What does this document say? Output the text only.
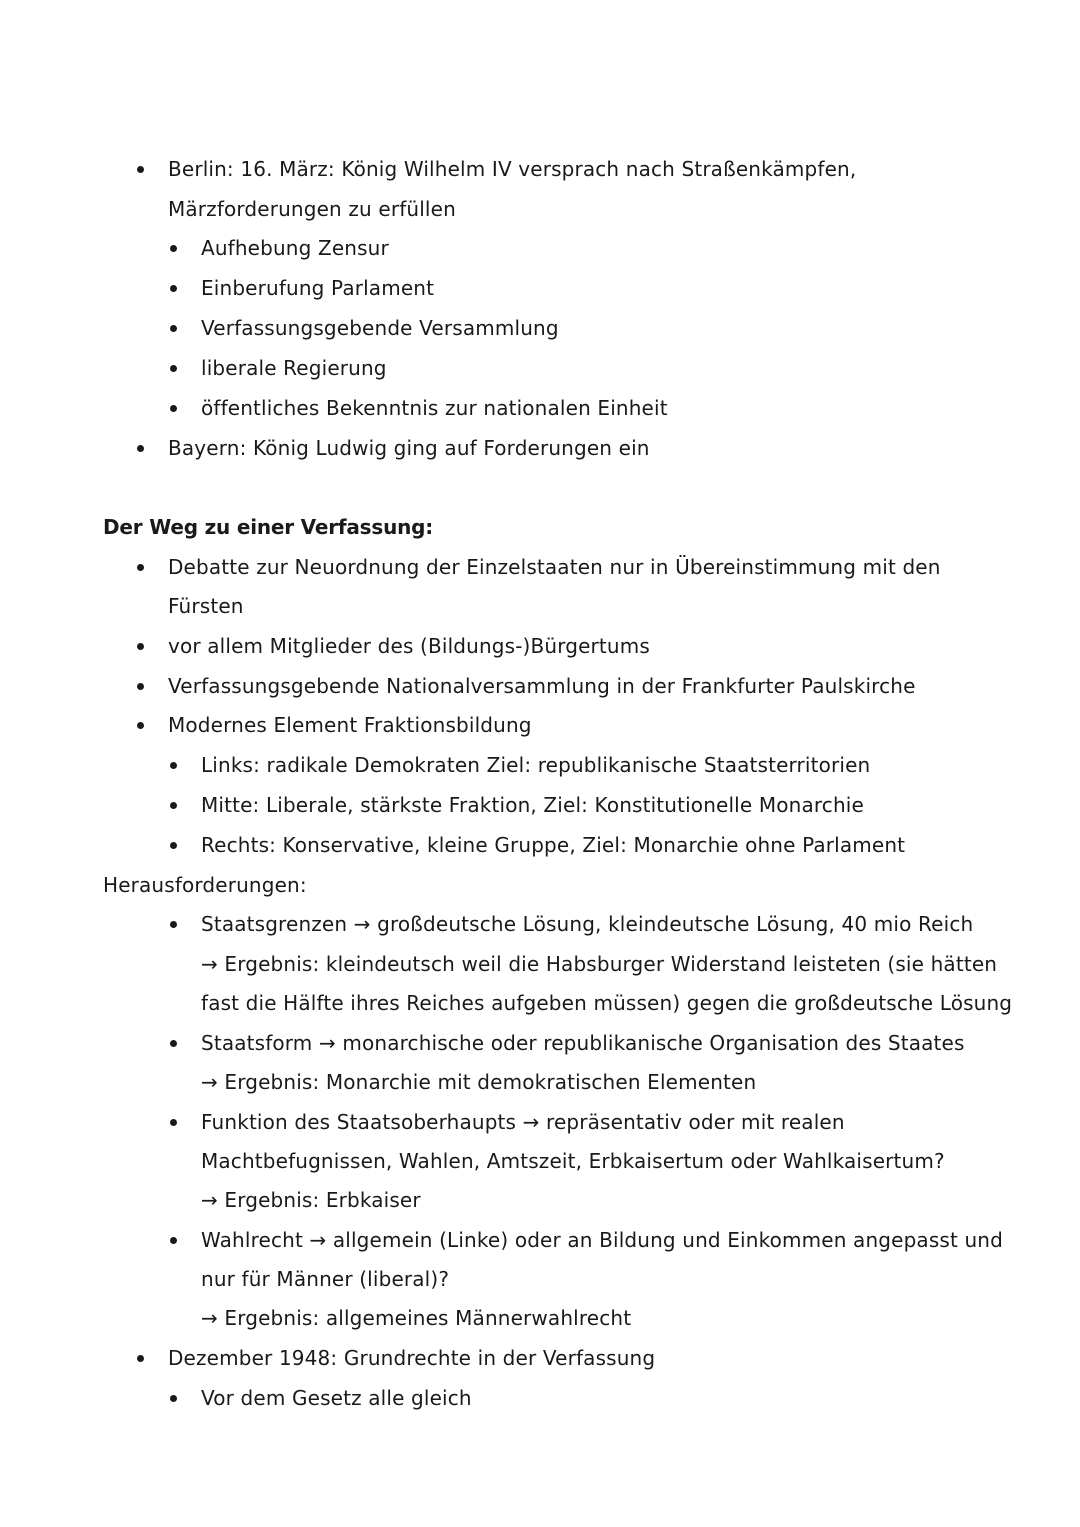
Berlin: 16. März: König Wilhelm IV versprach nach Straßenkämpfen,
Märzforderungen zu erfüllen
Aufhebung Zensur
Einberufung Parlament
Verfassungsgebende Versammlung
liberale Regierung
öffentliches Bekenntnis zur nationalen Einheit
Bayern: König Ludwig ging auf Forderungen ein
Der Weg zu einer Verfassung:
Debatte zur Neuordnung der Einzelstaaten nur in Übereinstimmung mit den
Fürsten
vor allem Mitglieder des (Bildungs-)Bürgertums
Verfassungsgebende Nationalversammlung in der Frankfurter Paulskirche
Modernes Element Fraktionsbildung
Links: radikale Demokraten Ziel: republikanische Staatsterritorien
Mitte: Liberale, stärkste Fraktion, Ziel: Konstitutionelle Monarchie
Rechts: Konservative, kleine Gruppe, Ziel: Monarchie ohne Parlament
Herausforderungen:
Staatsgrenzen → großdeutsche Lösung, kleindeutsche Lösung, 40 mio Reich
→ Ergebnis: kleindeutsch weil die Habsburger Widerstand leisteten (sie hätten
fast die Hälfte ihres Reiches aufgeben müssen) gegen die großdeutsche Lösung
Staatsform → monarchische oder republikanische Organisation des Staates
→ Ergebnis: Monarchie mit demokratischen Elementen
Funktion des Staatsoberhaupts → repräsentativ oder mit realen
Machtbefugnissen, Wahlen, Amtszeit, Erbkaisertum oder Wahlkaisertum?
→ Ergebnis: Erbkaiser
Wahlrecht → allgemein (Linke) oder an Bildung und Einkommen angepasst und
nur für Männer (liberal)?
→ Ergebnis: allgemeines Männerwahlrecht
Dezember 1948: Grundrechte in der Verfassung
Vor dem Gesetz alle gleich
